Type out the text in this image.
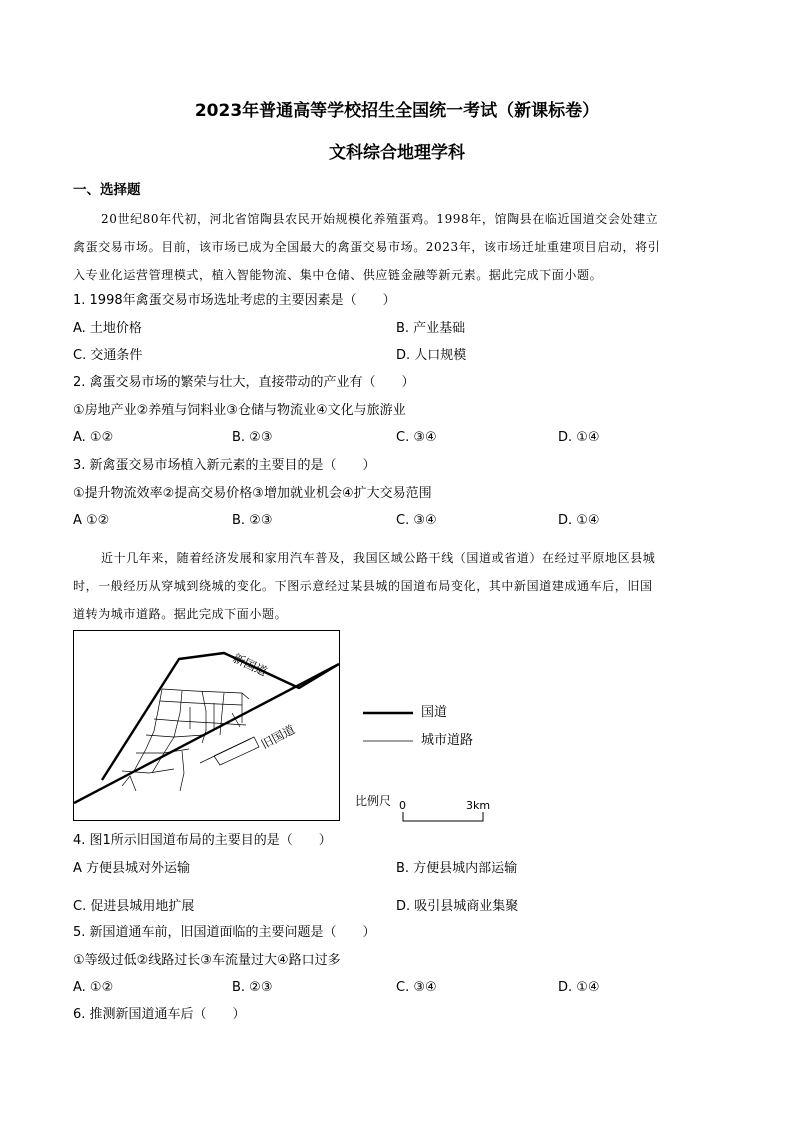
2023年普通高等学校招生全国统一考试（新课标卷）
文科综合地理学科
一、选择题
20世纪80年代初，河北省馆陶县农民开始规模化养殖蛋鸡。1998年，馆陶县在临近国道交会处建立
禽蛋交易市场。目前，该市场已成为全国最大的禽蛋交易市场。2023年，该市场迁址重建项目启动，将引
入专业化运营管理模式，植入智能物流、集中仓储、供应链金融等新元素。据此完成下面小题。
1. 1998年禽蛋交易市场选址考虑的主要因素是（　　）
A. 土地价格	B. 产业基础
C. 交通条件	D. 人口规模
2. 禽蛋交易市场的繁荣与壮大，直接带动的产业有（　　）
①房地产业②养殖与饲料业③仓储与物流业④文化与旅游业
A. ①②	B. ②③	C. ③④	D. ①④
3. 新禽蛋交易市场植入新元素的主要目的是（　　）
①提升物流效率②提高交易价格③增加就业机会④扩大交易范围
A ①②	B. ②③	C. ③④	D. ①④
近十几年来，随着经济发展和家用汽车普及，我国区域公路干线（国道或省道）在经过平原地区县城
时，一般经历从穿城到绕城的变化。下图示意经过某县城的国道布局变化，其中新国道建成通车后，旧国
道转为城市道路。据此完成下面小题。
新国道
旧国道
国道
城市道路
比例尺 0	3km
4. 图1所示旧国道布局的主要目的是（　　）
A 方便县城对外运输	B. 方便县城内部运输
C. 促进县城用地扩展	D. 吸引县城商业集聚
5. 新国道通车前，旧国道面临的主要问题是（　　）
①等级过低②线路过长③车流量过大④路口过多
A. ①②	B. ②③	C. ③④	D. ①④
6. 推测新国道通车后（　　）
